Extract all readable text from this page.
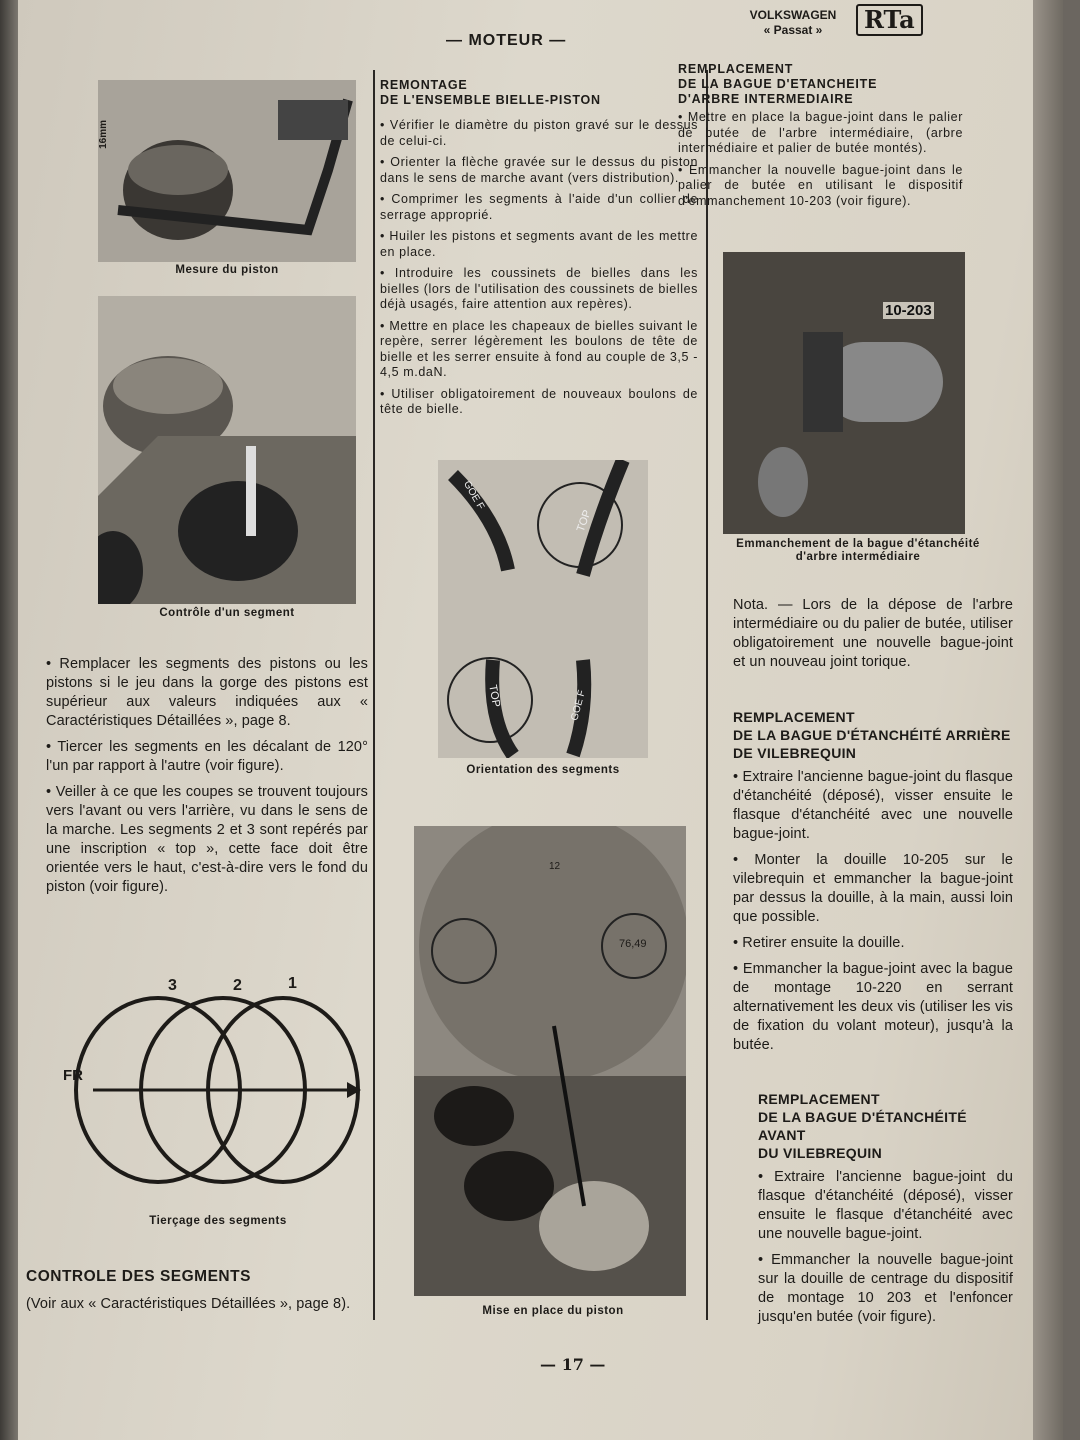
— MOTEUR —
VOLKSWAGEN
« Passat »	RTa
16mm
Mesure du piston
Contrôle d'un segment

• Remplacer les segments des pistons ou les pistons si le jeu dans la gorge des pistons est supérieur aux valeurs indiquées aux « Caractéristiques Détaillées », page 8.

• Tiercer les segments en les décalant de 120° l'un par rapport à l'autre (voir figure).

• Veiller à ce que les coupes se trouvent toujours vers l'avant ou vers l'arrière, vu dans le sens de la marche. Les segments 2 et 3 sont repérés par une inscription « top », cette face doit être orientée vers le haut, c'est-à-dire vers le fond du piston (voir figure).

3	2	1
FR
Tierçage des segments
CONTROLE DES SEGMENTS

(Voir aux « Caractéristiques Détaillées », page 8).

REMONTAGE
DE L'ENSEMBLE BIELLE-PISTON

• Vérifier le diamètre du piston gravé sur le dessus de celui-ci.

• Orienter la flèche gravée sur le dessus du piston dans le sens de marche avant (vers distribution).

• Comprimer les segments à l'aide d'un collier de serrage approprié.

• Huiler les pistons et segments avant de les mettre en place.

• Introduire les coussinets de bielles dans les bielles (lors de l'utilisation des coussinets de bielles déjà usagés, faire attention aux repères).

• Mettre en place les chapeaux de bielles suivant le repère, serrer légèrement les boulons de tête de bielle et les serrer ensuite à fond au couple de 3,5 - 4,5 m.daN.

• Utiliser obligatoirement de nouveaux boulons de tête de bielle.

GOE F
TOP
TOP	GOE F
Orientation des segments
12
76,49
Mise en place du piston
REMPLACEMENT
DE LA BAGUE D'ETANCHEITE
D'ARBRE INTERMEDIAIRE

• Mettre en place la bague-joint dans le palier de butée de l'arbre intermédiaire, (arbre intermédiaire et palier de butée montés).

• Emmancher la nouvelle bague-joint dans le palier de butée en utilisant le dispositif d'emmanchement 10-203 (voir figure).

10-203
Emmanchement de la bague d'étanchéité d'arbre intermédiaire

Nota. — Lors de la dépose de l'arbre intermédiaire ou du palier de butée, utiliser obligatoirement une nouvelle bague-joint et un nouveau joint torique.

REMPLACEMENT
DE LA BAGUE D'ÉTANCHÉITÉ ARRIÈRE
DE VILEBREQUIN

• Extraire l'ancienne bague-joint du flasque d'étanchéité (déposé), visser ensuite le flasque d'étanchéité avec une nouvelle bague-joint.

• Monter la douille 10-205 sur le vilebrequin et emmancher la bague-joint par dessus la douille, à la main, aussi loin que possible.

• Retirer ensuite la douille.

• Emmancher la bague-joint avec la bague de montage 10-220 en serrant alternativement les deux vis (utiliser les vis de fixation du volant moteur), jusqu'à la butée.

REMPLACEMENT
DE LA BAGUE D'ÉTANCHÉITÉ AVANT
DU VILEBREQUIN

• Extraire l'ancienne bague-joint du flasque d'étanchéité (déposé), visser ensuite le flasque d'étanchéité avec une nouvelle bague-joint.

• Emmancher la nouvelle bague-joint sur la douille de centrage du dispositif de montage 10 203 et l'enfoncer jusqu'en butée (voir figure).

— 17 —
